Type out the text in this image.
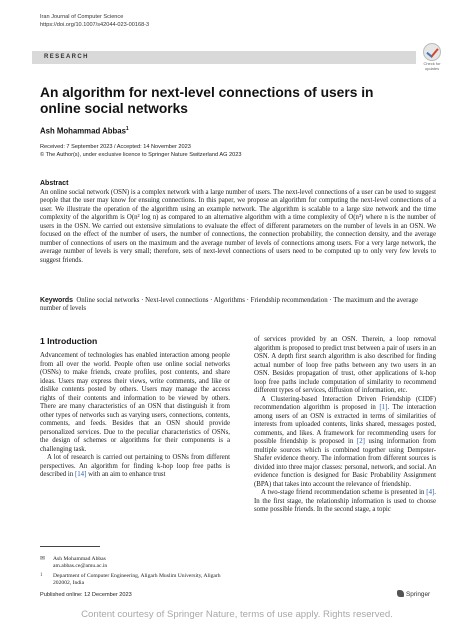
Iran Journal of Computer Science
https://doi.org/10.1007/s42044-023-00168-3
RESEARCH
Check for updates
An algorithm for next-level connections of users in online social networks
Ash Mohammad Abbas$^1$
Received: 7 September 2023 / Accepted: 14 November 2023
© The Author(s), under exclusive licence to Springer Nature Switzerland AG 2023
Abstract
An online social network (OSN) is a complex network with a large number of users. The next-level connections of a user can be used to suggest people that the user may know for ensuing connections. In this paper, we propose an algorithm for computing the next-level connections of a user. We illustrate the operation of the algorithm using an example network. The algorithm is scalable to a large size network and the time complexity of the algorithm is O(n² log n) as compared to an alternative algorithm with a time complexity of O(n³) where n is the number of users in the OSN. We carried out extensive simulations to evaluate the effect of different parameters on the number of levels in an OSN. We focused on the effect of the number of users, the number of connections, the connection probability, the connection density, and the average number of connections of users on the maximum and the average number of levels of connections among users. For a very large network, the average number of levels is very small; therefore, sets of next-level connections of users need to be computed up to only very few levels to suggest friends.
Keywords Online social networks · Next-level connections · Algorithms · Friendship recommendation · The maximum and the average number of levels
1 Introduction

Advancement of technologies has enabled interaction among people from all over the world. People often use online social networks (OSNs) to make friends, create profiles, post contents, and share ideas. Users may express their views, write comments, and like or dislike contents posted by others. Users may manage the access rights of their contents and information to be viewed by others. There are many characteristics of an OSN that distinguish it from other types of networks such as varying users, connections, contents, comments, and feeds. Besides that an OSN should provide personalized services. Due to the peculiar characteristics of OSNs, the design of schemes or algorithms for their components is a challenging task.

A lot of research is carried out pertaining to OSNs from different perspectives. An algorithm for finding k-hop loop free paths is described in [14] with an aim to enhance trust

of services provided by an OSN. Therein, a loop removal algorithm is proposed to predict trust between a pair of users in an OSN. A depth first search algorithm is also described for finding actual number of loop free paths between any two users in an OSN. Besides propagation of trust, other applications of k-hop loop free paths include computation of similarity to recommend different types of services, diffusion of information, etc.

A Clustering-based Interaction Driven Friendship (CIDF) recommendation algorithm is proposed in [1]. The interaction among users of an OSN is extracted in terms of similarities of interests from uploaded contents, links shared, messages posted, comments, and likes. A framework for recommending users for possible friendship is proposed in [2] using information from multiple sources which is combined together using Dempster-Shafer evidence theory. The information from different sources is divided into three major classes: personal, network, and social. An evidence function is designed for Basic Probability Assignment (BPA) that takes into account the relevance of friendship.

A two-stage friend recommendation scheme is presented in [4]. In the first stage, the relationship information is used to choose some possible friends. In the second stage, a topic

✉ Ash Mohammad Abbas
am.abbas.ce@amu.ac.in
1 Department of Computer Engineering, Aligarh Muslim University, Aligarh 202002, India
Published online: 12 December 2023	Springer
Content courtesy of Springer Nature, terms of use apply. Rights reserved.
